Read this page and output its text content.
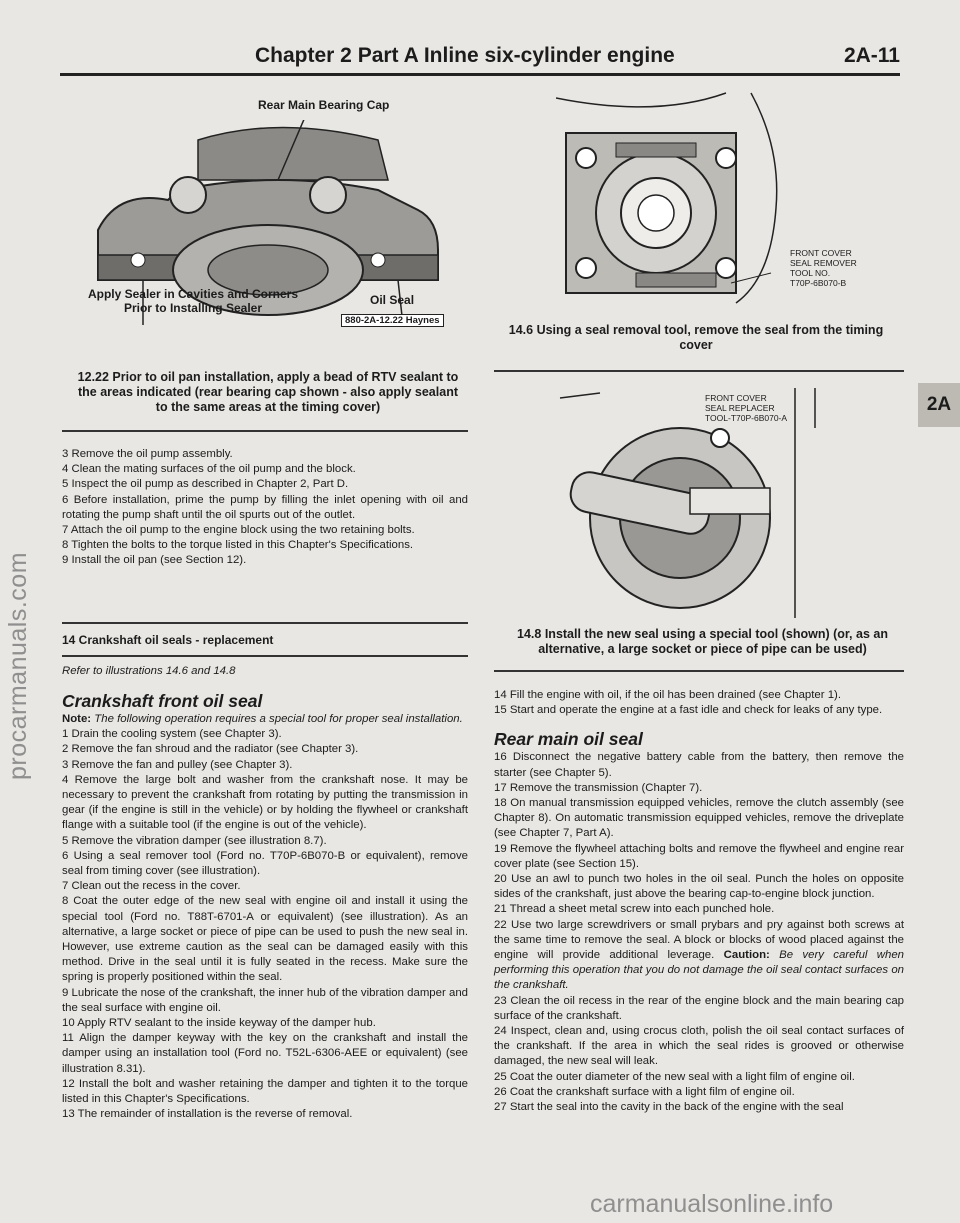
Chapter 2 Part A Inline six-cylinder engine	2A-11
2A
procarmanuals.com
carmanualsonline.info
Rear Main Bearing Cap
Apply Sealer in Cavities and Corners Prior to Installing Sealer
Oil Seal
880-2A-12.22 Haynes
12.22 Prior to oil pan installation, apply a bead of RTV sealant to the areas indicated (rear bearing cap shown - also apply sealant to the same areas at the timing cover)
FRONT COVER
SEAL REMOVER
TOOL NO.
T70P-6B070-B
14.6 Using a seal removal tool, remove the seal from the timing cover
FRONT COVER
SEAL REPLACER
TOOL-T70P-6B070-A
14.8 Install the new seal using a special tool (shown) (or, as an alternative, a large socket or piece of pipe can be used)

3 Remove the oil pump assembly.

4 Clean the mating surfaces of the oil pump and the block.

5 Inspect the oil pump as described in Chapter 2, Part D.

6 Before installation, prime the pump by filling the inlet opening with oil and rotating the pump shaft until the oil spurts out of the outlet.

7 Attach the oil pump to the engine block using the two retaining bolts.

8 Tighten the bolts to the torque listed in this Chapter's Specifications.

9 Install the oil pan (see Section 12).

14 Crankshaft oil seals - replacement
Refer to illustrations 14.6 and 14.8

Crankshaft front oil seal

Note: The following operation requires a special tool for proper seal installation.

1 Drain the cooling system (see Chapter 3).

2 Remove the fan shroud and the radiator (see Chapter 3).

3 Remove the fan and pulley (see Chapter 3).

4 Remove the large bolt and washer from the crankshaft nose. It may be necessary to prevent the crankshaft from rotating by putting the transmission in gear (if the engine is still in the vehicle) or by holding the flywheel or crankshaft flange with a suitable tool (if the engine is out of the vehicle).

5 Remove the vibration damper (see illustration 8.7).

6 Using a seal remover tool (Ford no. T70P-6B070-B or equivalent), remove seal from timing cover (see illustration).

7 Clean out the recess in the cover.

8 Coat the outer edge of the new seal with engine oil and install it using the special tool (Ford no. T88T-6701-A or equivalent) (see illustration). As an alternative, a large socket or piece of pipe can be used to push the new seal in. However, use extreme caution as the seal can be damaged easily with this method. Drive in the seal until it is fully seated in the recess. Make sure the spring is properly positioned within the seal.

9 Lubricate the nose of the crankshaft, the inner hub of the vibration damper and the seal surface with engine oil.

10 Apply RTV sealant to the inside keyway of the damper hub.

11 Align the damper keyway with the key on the crankshaft and install the damper using an installation tool (Ford no. T52L-6306-AEE or equivalent) (see illustration 8.31).

12 Install the bolt and washer retaining the damper and tighten it to the torque listed in this Chapter's Specifications.

13 The remainder of installation is the reverse of removal.

14 Fill the engine with oil, if the oil has been drained (see Chapter 1).

15 Start and operate the engine at a fast idle and check for leaks of any type.

Rear main oil seal

16 Disconnect the negative battery cable from the battery, then remove the starter (see Chapter 5).

17 Remove the transmission (Chapter 7).

18 On manual transmission equipped vehicles, remove the clutch assembly (see Chapter 8). On automatic transmission equipped vehicles, remove the driveplate (see Chapter 7, Part A).

19 Remove the flywheel attaching bolts and remove the flywheel and engine rear cover plate (see Section 15).

20 Use an awl to punch two holes in the oil seal. Punch the holes on opposite sides of the crankshaft, just above the bearing cap-to-engine block junction.

21 Thread a sheet metal screw into each punched hole.

22 Use two large screwdrivers or small prybars and pry against both screws at the same time to remove the seal. A block or blocks of wood placed against the engine will provide additional leverage. Caution: Be very careful when performing this operation that you do not damage the oil seal contact surfaces on the crankshaft.

23 Clean the oil recess in the rear of the engine block and the main bearing cap surface of the crankshaft.

24 Inspect, clean and, using crocus cloth, polish the oil seal contact surfaces of the crankshaft. If the area in which the seal rides is grooved or otherwise damaged, the new seal will leak.

25 Coat the outer diameter of the new seal with a light film of engine oil.

26 Coat the crankshaft surface with a light film of engine oil.

27 Start the seal into the cavity in the back of the engine with the seal
